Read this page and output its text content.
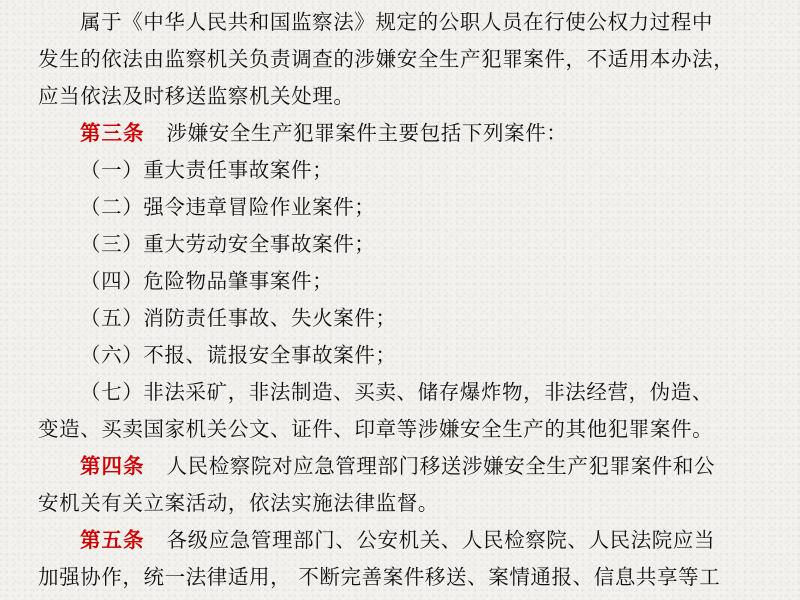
属于《中华人民共和国监察法》规定的公职人员在行使公权力过程中
发生的依法由监察机关负责调查的涉嫌安全生产犯罪案件，不适用本办法，
应当依法及时移送监察机关处理。
第三条 涉嫌安全生产犯罪案件主要包括下列案件：
（一）重大责任事故案件；
（二）强令违章冒险作业案件；
（三）重大劳动安全事故案件；
（四）危险物品肇事案件；
（五）消防责任事故、失火案件；
（六）不报、谎报安全事故案件；
（七）非法采矿，非法制造、买卖、储存爆炸物，非法经营，伪造、
变造、买卖国家机关公文、证件、印章等涉嫌安全生产的其他犯罪案件。
第四条 人民检察院对应急管理部门移送涉嫌安全生产犯罪案件和公
安机关有关立案活动，依法实施法律监督。
第五条 各级应急管理部门、公安机关、人民检察院、人民法院应当
加强协作，统一法律适用， 不断完善案件移送、案情通报、信息共享等工
